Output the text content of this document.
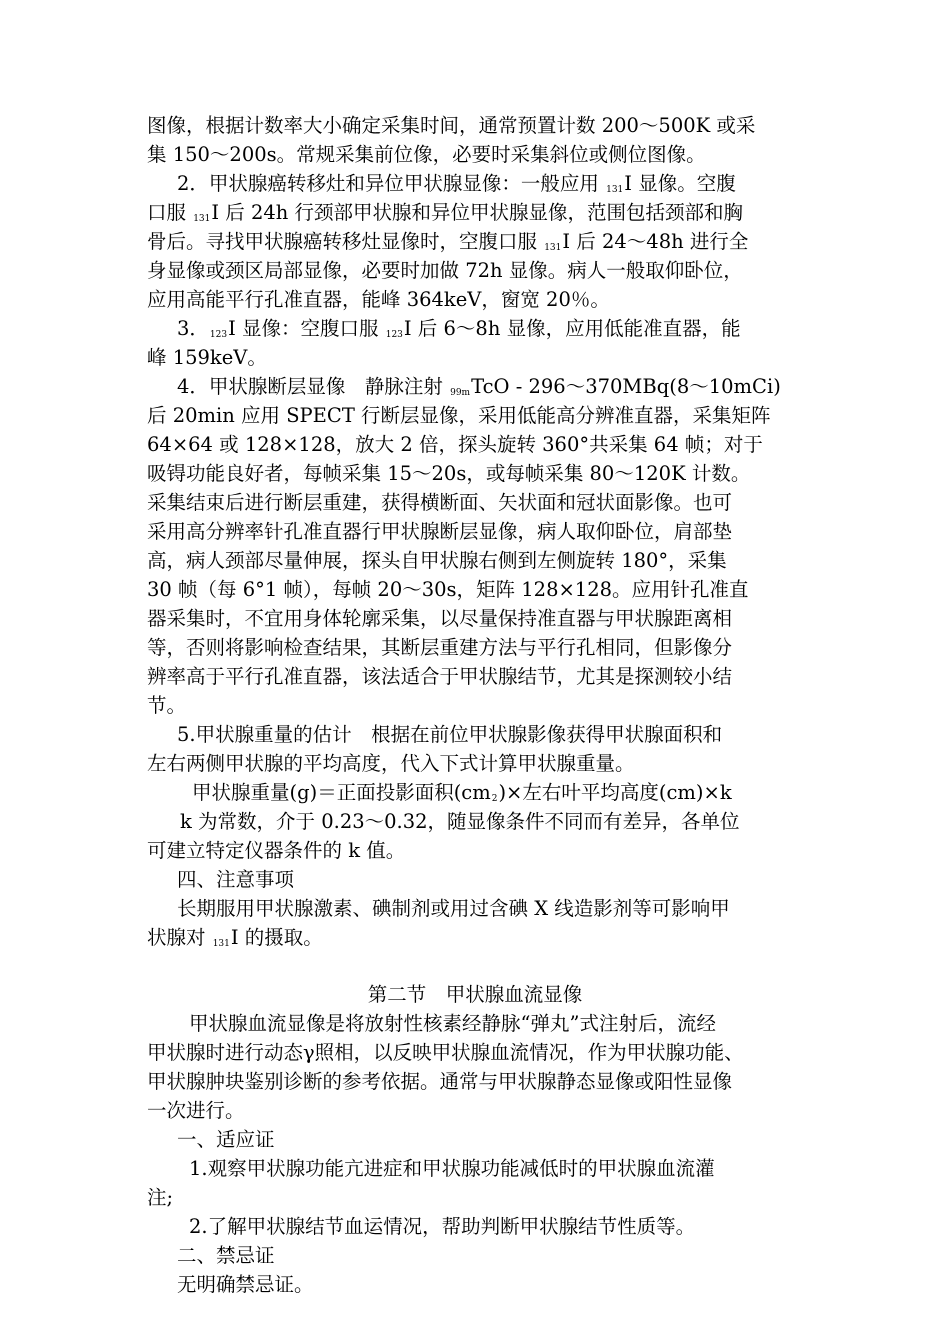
图像，根据计数率大小确定采集时间，通常预置计数 200～500K 或采
集 150～200s。常规采集前位像，必要时采集斜位或侧位图像。
2．甲状腺癌转移灶和异位甲状腺显像：一般应用 131I 显像。空腹
口服 131I 后 24h 行颈部甲状腺和异位甲状腺显像，范围包括颈部和胸
骨后。寻找甲状腺癌转移灶显像时，空腹口服 131I 后 24～48h 进行全
身显像或颈区局部显像，必要时加做 72h 显像。病人一般取仰卧位，
应用高能平行孔准直器，能峰 364keV，窗宽 20％。
3．123I 显像：空腹口服 123I 后 6～8h 显像，应用低能准直器，能
峰 159keV。
4．甲状腺断层显像　静脉注射 99mTcO - 296～370MBq(8～10mCi)
后 20min 应用 SPECT 行断层显像，采用低能高分辨准直器，采集矩阵
64×64 或 128×128，放大 2 倍，探头旋转 360°共采集 64 帧；对于
吸锝功能良好者，每帧采集 15～20s，或每帧采集 80～120K 计数。
采集结束后进行断层重建，获得横断面、矢状面和冠状面影像。也可
采用高分辨率针孔准直器行甲状腺断层显像，病人取仰卧位，肩部垫
高，病人颈部尽量伸展，探头自甲状腺右侧到左侧旋转 180°，采集
30 帧（每 6°1 帧），每帧 20～30s，矩阵 128×128。应用针孔准直
器采集时，不宜用身体轮廓采集，以尽量保持准直器与甲状腺距离相
等，否则将影响检查结果，其断层重建方法与平行孔相同，但影像分
辨率高于平行孔准直器，该法适合于甲状腺结节，尤其是探测较小结
节。
5.甲状腺重量的估计　根据在前位甲状腺影像获得甲状腺面积和
左右两侧甲状腺的平均高度，代入下式计算甲状腺重量。
甲状腺重量(g)＝正面投影面积(cm2)×左右叶平均高度(cm)×k
k 为常数，介于 0.23～0.32，随显像条件不同而有差异，各单位
可建立特定仪器条件的 k 值。
四、注意事项
长期服用甲状腺激素、碘制剂或用过含碘 X 线造影剂等可影响甲
状腺对 131I 的摄取。
第二节　甲状腺血流显像
甲状腺血流显像是将放射性核素经静脉“弹丸”式注射后，流经
甲状腺时进行动态γ照相，以反映甲状腺血流情况，作为甲状腺功能、
甲状腺肿块鉴别诊断的参考依据。通常与甲状腺静态显像或阳性显像
一次进行。
一、适应证
1.观察甲状腺功能亢进症和甲状腺功能减低时的甲状腺血流灌
注;
2.了解甲状腺结节血运情况，帮助判断甲状腺结节性质等。
二、禁忌证
无明确禁忌证。
